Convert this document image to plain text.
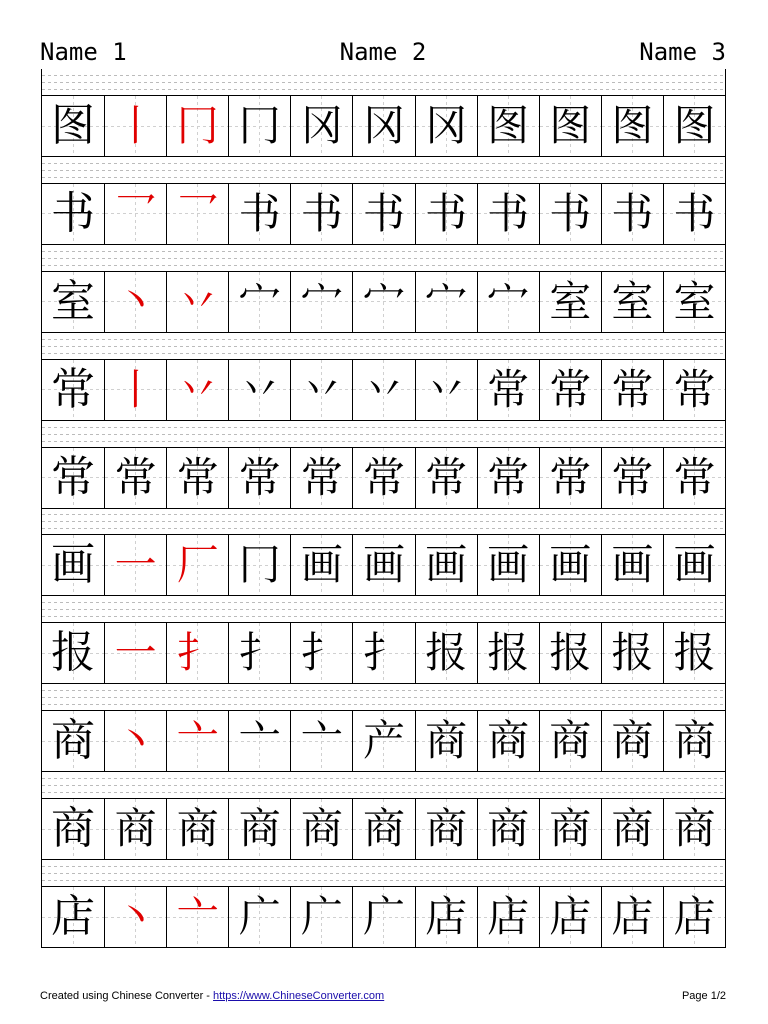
Name 1	Name 2	Name 3
图 丨 冂 冂 冈 冈 冈 图 图 图 图
书 乛 乛 书 书 书 书 书 书 书 书
室 丶 丷 宀 宀 宀 宀 宀 室 室 室
常 丨 丷 丷 丷 丷 丷 常 常 常 常
常 常 常 常 常 常 常 常 常 常 常
画 一 厂 冂 画 画 画 画 画 画 画
报 一 扌 扌 扌 扌 报 报 报 报 报
商 丶 亠 亠 亠 产 商 商 商 商 商
商 商 商 商 商 商 商 商 商 商 商
店 丶 亠 广 广 广 店 店 店 店 店
Created using Chinese Converter - https://www.ChineseConverter.com	Page 1/2
